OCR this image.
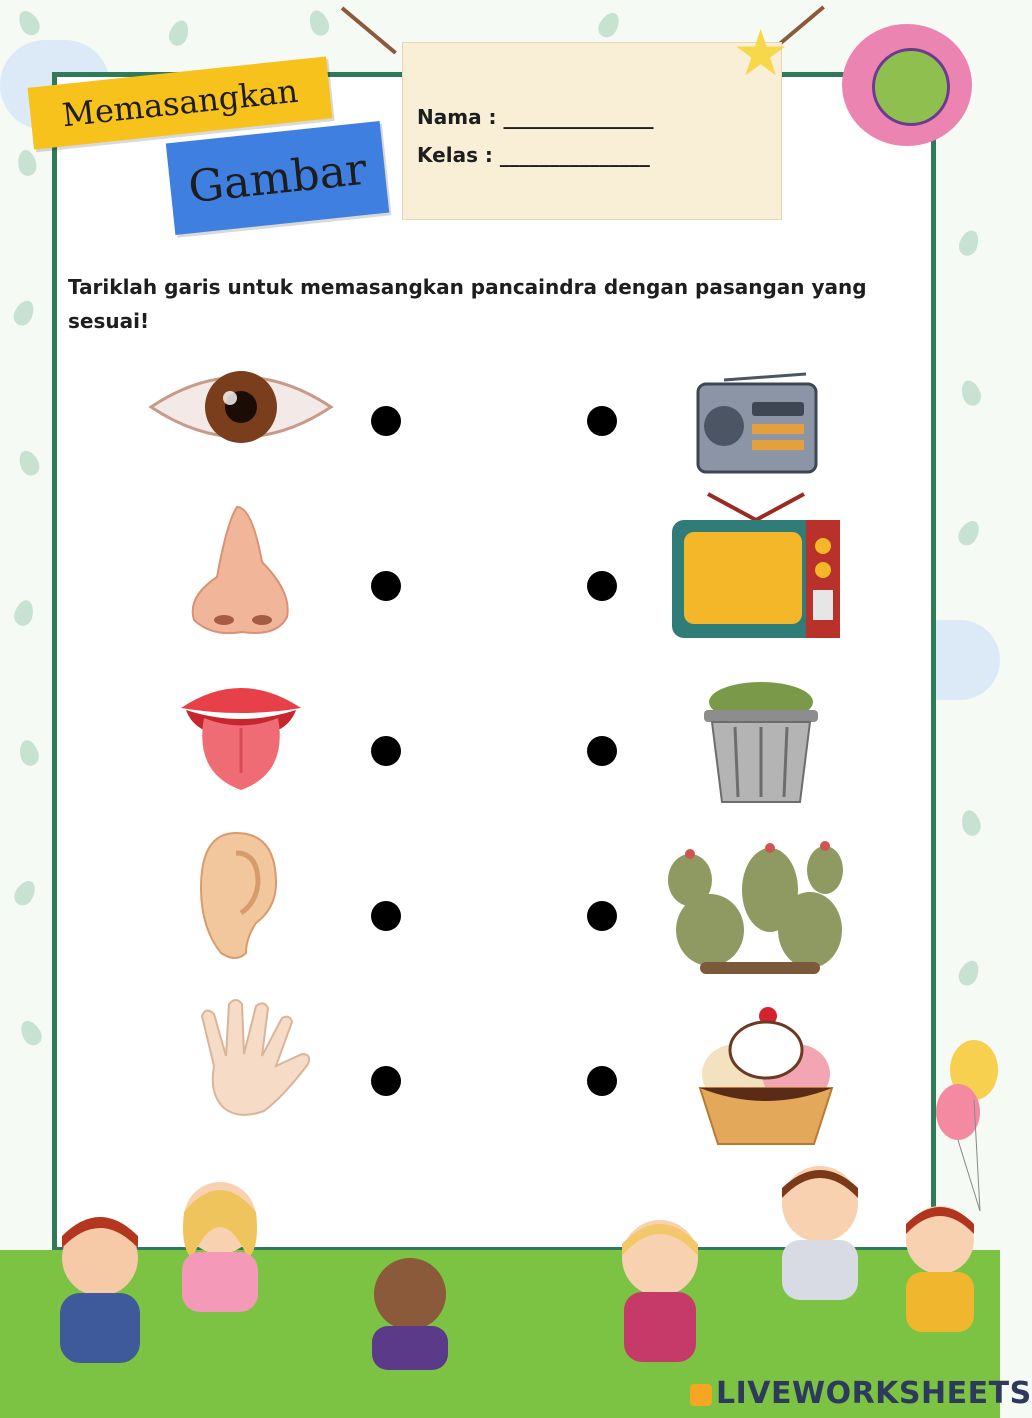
Nama : _______________
Kelas : _______________
★
Memasangkan
Gambar
Tariklah garis untuk memasangkan pancaindra dengan pasangan yang sesuai!
LIVEWORKSHEETS
